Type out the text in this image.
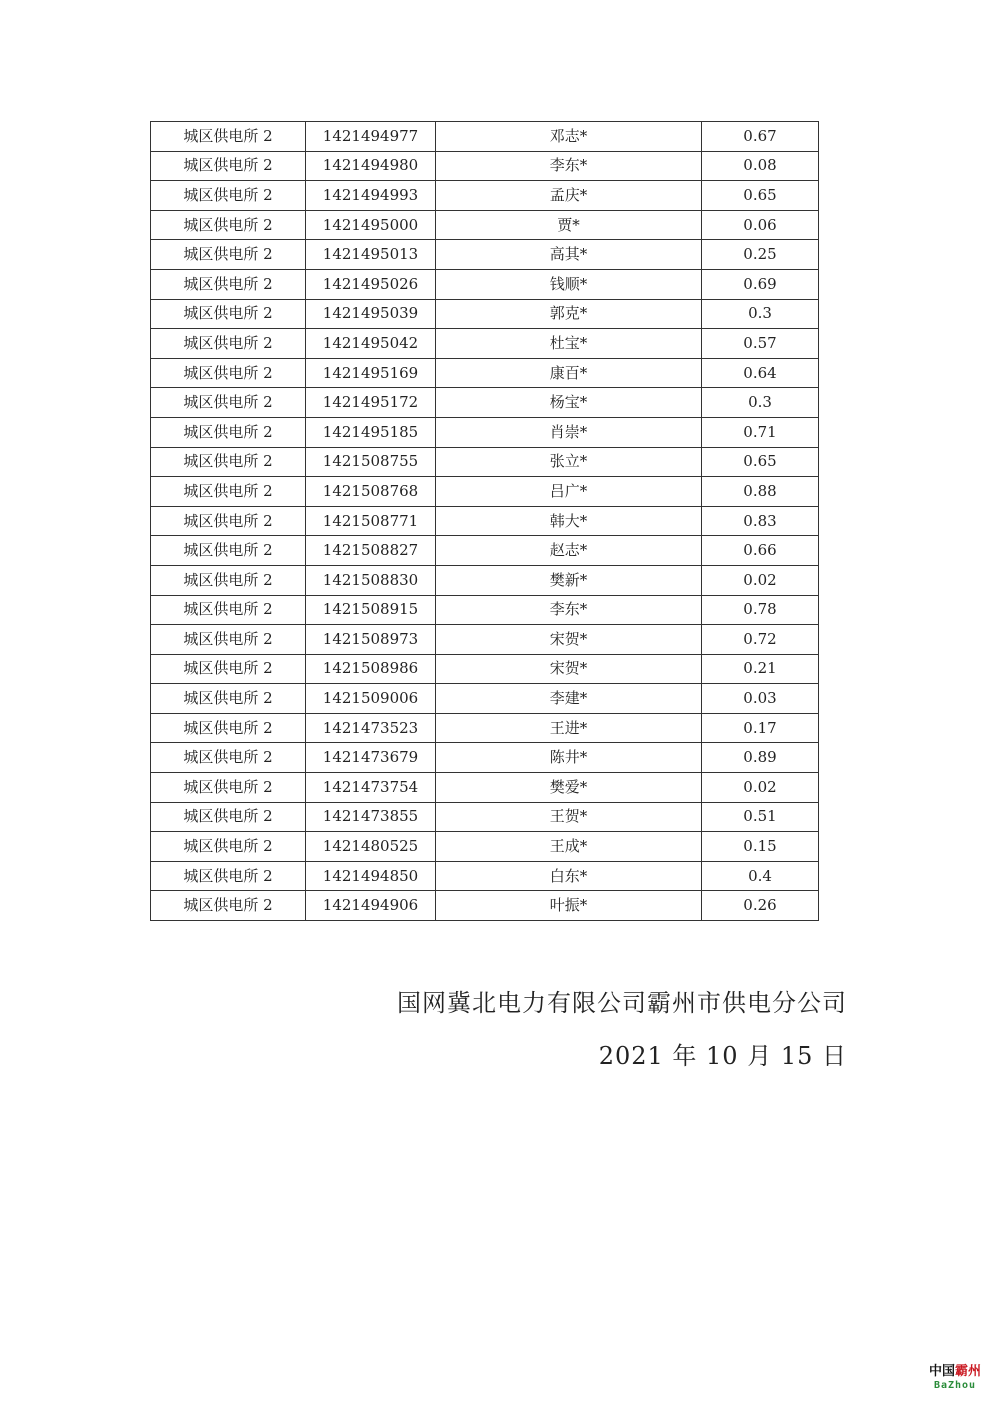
城区供电所 2	1421494977	邓志*	0.67
城区供电所 2	1421494980	李东*	0.08
城区供电所 2	1421494993	孟庆*	0.65
城区供电所 2	1421495000	贾*	0.06
城区供电所 2	1421495013	高其*	0.25
城区供电所 2	1421495026	钱顺*	0.69
城区供电所 2	1421495039	郭克*	0.3
城区供电所 2	1421495042	杜宝*	0.57
城区供电所 2	1421495169	康百*	0.64
城区供电所 2	1421495172	杨宝*	0.3
城区供电所 2	1421495185	肖崇*	0.71
城区供电所 2	1421508755	张立*	0.65
城区供电所 2	1421508768	吕广*	0.88
城区供电所 2	1421508771	韩大*	0.83
城区供电所 2	1421508827	赵志*	0.66
城区供电所 2	1421508830	樊新*	0.02
城区供电所 2	1421508915	李东*	0.78
城区供电所 2	1421508973	宋贺*	0.72
城区供电所 2	1421508986	宋贺*	0.21
城区供电所 2	1421509006	李建*	0.03
城区供电所 2	1421473523	王进*	0.17
城区供电所 2	1421473679	陈井*	0.89
城区供电所 2	1421473754	樊爱*	0.02
城区供电所 2	1421473855	王贺*	0.51
城区供电所 2	1421480525	王成*	0.15
城区供电所 2	1421494850	白东*	0.4
城区供电所 2	1421494906	叶振*	0.26
国网冀北电力有限公司霸州市供电分公司
2021 年 10 月 15 日
中国霸州
BaZhou
